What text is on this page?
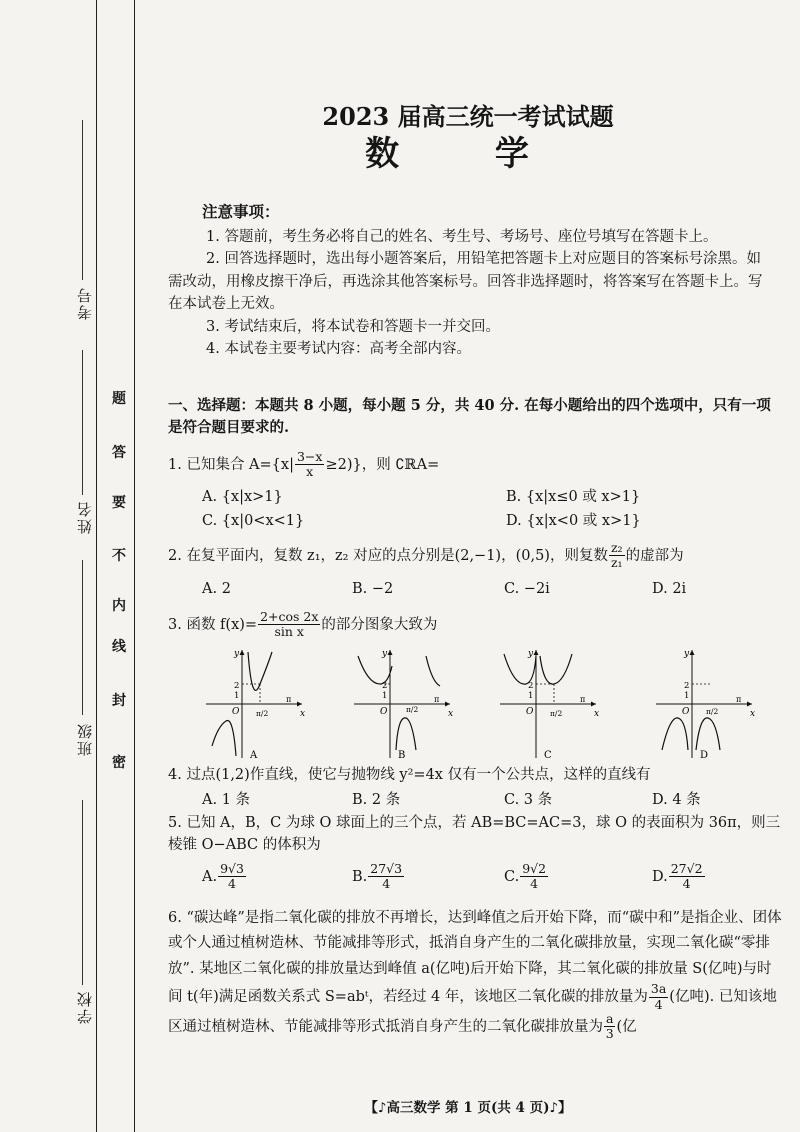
考号
姓名
班级
学校
密
封
线
内
不
要
答
题
2023 届高三统一考试试题
数 学
注意事项：

1. 答题前，考生务必将自己的姓名、考生号、考场号、座位号填写在答题卡上。

2. 回答选择题时，选出每小题答案后，用铅笔把答题卡上对应题目的答案标号涂黑。如需改动，用橡皮擦干净后，再选涂其他答案标号。回答非选择题时，将答案写在答题卡上。写在本试卷上无效。

3. 考试结束后，将本试卷和答题卡一并交回。

4. 本试卷主要考试内容：高考全部内容。

一、选择题：本题共 8 小题，每小题 5 分，共 40 分. 在每小题给出的四个选项中，只有一项是符合题目要求的.
1. 已知集合 $A=\{x| \frac{3-x}{x} \ge 2)$}，则 ∁ℝA=
A. {x|x>1}	B. {x|x≤0 或 x>1}
C. {x|0<x<1}	D. {x|x<0 或 x>1}
2. 在复平面内，复数 z₁，z₂ 对应的点分别是(2,−1)，(0,5)，则复数 $\frac{\text{z₂}}{\text{z₁}}$ 的虚部为
A. 2	B. −2	C. −2i	D. 2i
3. 函数 $f(x)= \frac{2+\cos 2x}{\text{sin x}}$ 的部分图象大致为
y
x
2
1
O π/2
π
A
y
x
2
1
O π/2
π
B
y
x
2
1
O π/2
π
C
y
x
2
1
O π/2
π
D
4. 过点(1,2)作直线，使它与抛物线 y²=4x 仅有一个公共点，这样的直线有
A. 1 条	B. 2 条	C. 3 条	D. 4 条
5. 已知 A，B，C 为球 O 球面上的三个点，若 AB=BC=AC=3，球 O 的表面积为 36π，则三棱锥 O−ABC 的体积为
A. $\frac{9√3}{4}$	B. $\frac{27√3}{4}$	C. $\frac{9√2}{4}$	D. $\frac{27√2}{4}$
6. “碳达峰”是指二氧化碳的排放不再增长，达到峰值之后开始下降，而“碳中和”是指企业、团体或个人通过植树造林、节能减排等形式，抵消自身产生的二氧化碳排放量，实现二氧化碳“零排放”. 某地区二氧化碳的排放量达到峰值 a(亿吨)后开始下降，其二氧化碳的排放量 S(亿吨)与时间 t(年)满足函数关系式 S=abᵗ，若经过 4 年，该地区二氧化碳的排放量为 $\frac{3a}{4}$ (亿吨). 已知该地区通过植树造林、节能减排等形式抵消自身产生的二氧化碳排放量为 $\frac{a}{3}$ (亿
【♪高三数学 第 1 页(共 4 页)♪】
